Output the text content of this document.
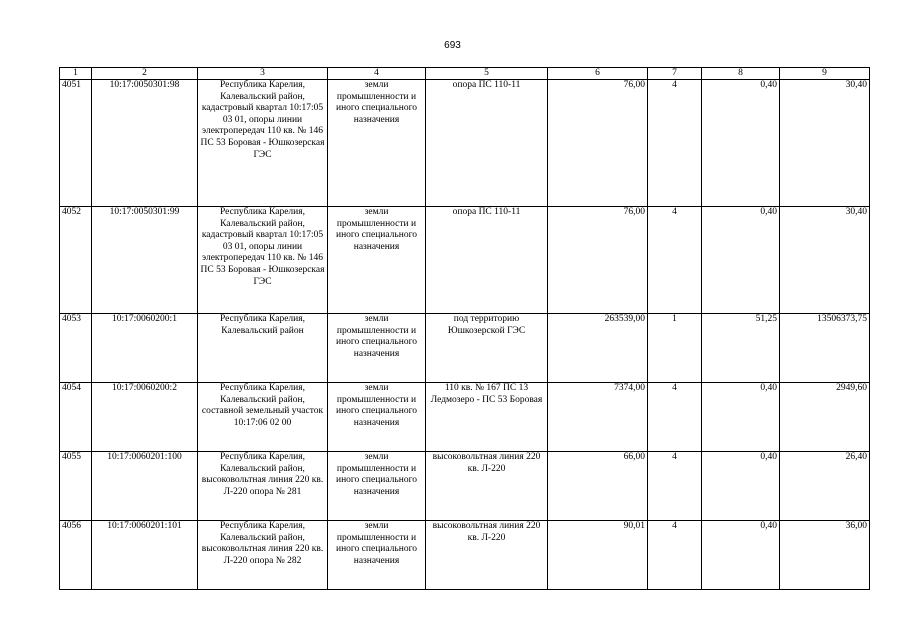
693
1	2	3	4	5	6	7	8	9
4051	10:17:0050301:98	Республика Карелия, Калевальский район, кадастровый квартал 10:17:05 03 01, опоры линии электропередач 110 кв. № 146 ПС 53 Боровая - Юшкозерская ГЭС	земли промышленности и иного специального назначения	опора ПС 110-11	76,00	4	0,40	30,40
4052	10:17:0050301:99	Республика Карелия, Калевальский район, кадастровый квартал 10:17:05 03 01, опоры линии электропередач 110 кв. № 146 ПС 53 Боровая - Юшкозерская ГЭС	земли промышленности и иного специального назначения	опора ПС 110-11	76,00	4	0,40	30,40
4053	10:17:0060200:1	Республика Карелия, Калевальский район	земли промышленности и иного специального назначения	под территорию Юшкозерской ГЭС	263539,00	1	51,25	13506373,75
4054	10:17:0060200:2	Республика Карелия, Калевальский район, составной земельный участок 10:17:06 02 00	земли промышленности и иного специального назначения	110 кв. № 167 ПС 13 Ледмозеро - ПС 53 Боровая	7374,00	4	0,40	2949,60
4055	10:17:0060201:100	Республика Карелия, Калевальский район, высоковольтная линия 220 кв. Л-220 опора № 281	земли промышленности и иного специального назначения	высоковольтная линия 220 кв. Л-220	66,00	4	0,40	26,40
4056	10:17:0060201:101	Республика Карелия, Калевальский район, высоковольтная линия 220 кв. Л-220 опора № 282	земли промышленности и иного специального назначения	высоковольтная линия 220 кв. Л-220	90,01	4	0,40	36,00
